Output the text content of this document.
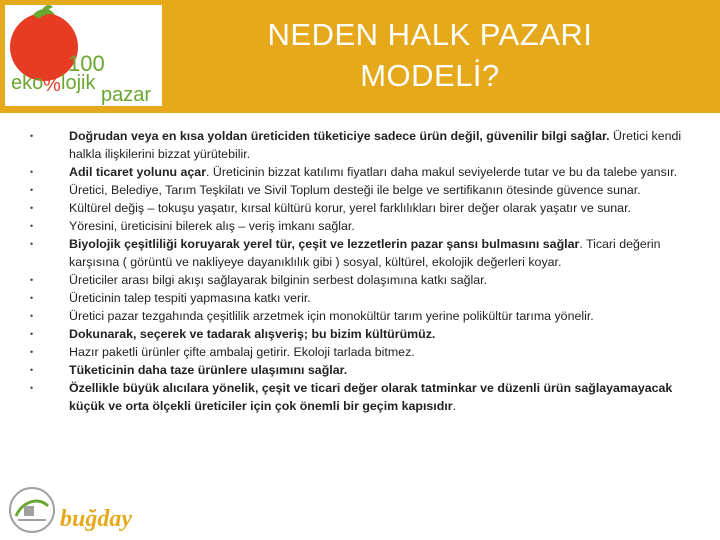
eko % lojik
pazar
100
NEDEN HALK PAZARI
MODELİ?
•	Doğrudan veya en kısa yoldan üreticiden tüketiciye sadece ürün değil, güvenilir bilgi sağlar. Üretici kendi halkla ilişkilerini bizzat yürütebilir.
•	Adil ticaret yolunu açar. Üreticinin bizzat katılımı fiyatları daha makul seviyelerde tutar ve bu da talebe yansır.
•	Üretici, Belediye, Tarım Teşkilatı ve Sivil Toplum desteği ile belge ve sertifikanın ötesinde güvence sunar.
•	Kültürel değiş – tokuşu yaşatır, kırsal kültürü korur, yerel farklılıkları birer değer olarak yaşatır ve sunar.
•	Yöresini, üreticisini bilerek alış – veriş imkanı sağlar.
•	Biyolojik çeşitliliği koruyarak yerel tür, çeşit ve lezzetlerin pazar şansı bulmasını sağlar. Ticari değerin karşısına ( görüntü ve nakliyeye dayanıklılık gibi ) sosyal, kültürel, ekolojik değerleri koyar.
•	Üreticiler arası bilgi akışı sağlayarak bilginin serbest dolaşımına katkı sağlar.
•	Üreticinin talep tespiti yapmasına katkı verir.
•	Üretici pazar tezgahında çeşitlilik arzetmek için monokültür tarım yerine polikültür tarıma yönelir.
•	Dokunarak, seçerek ve tadarak alışveriş; bu bizim kültürümüz.
•	Hazır paketli ürünler çifte ambalaj getirir. Ekoloji tarlada bitmez.
•	Tüketicinin daha taze ürünlere ulaşımını sağlar.
•	Özellikle büyük alıcılara yönelik, çeşit ve ticari değer olarak tatminkar ve düzenli ürün sağlayamayacak küçük ve orta ölçekli üreticiler için çok önemli bir geçim kapısıdır.
buğday
